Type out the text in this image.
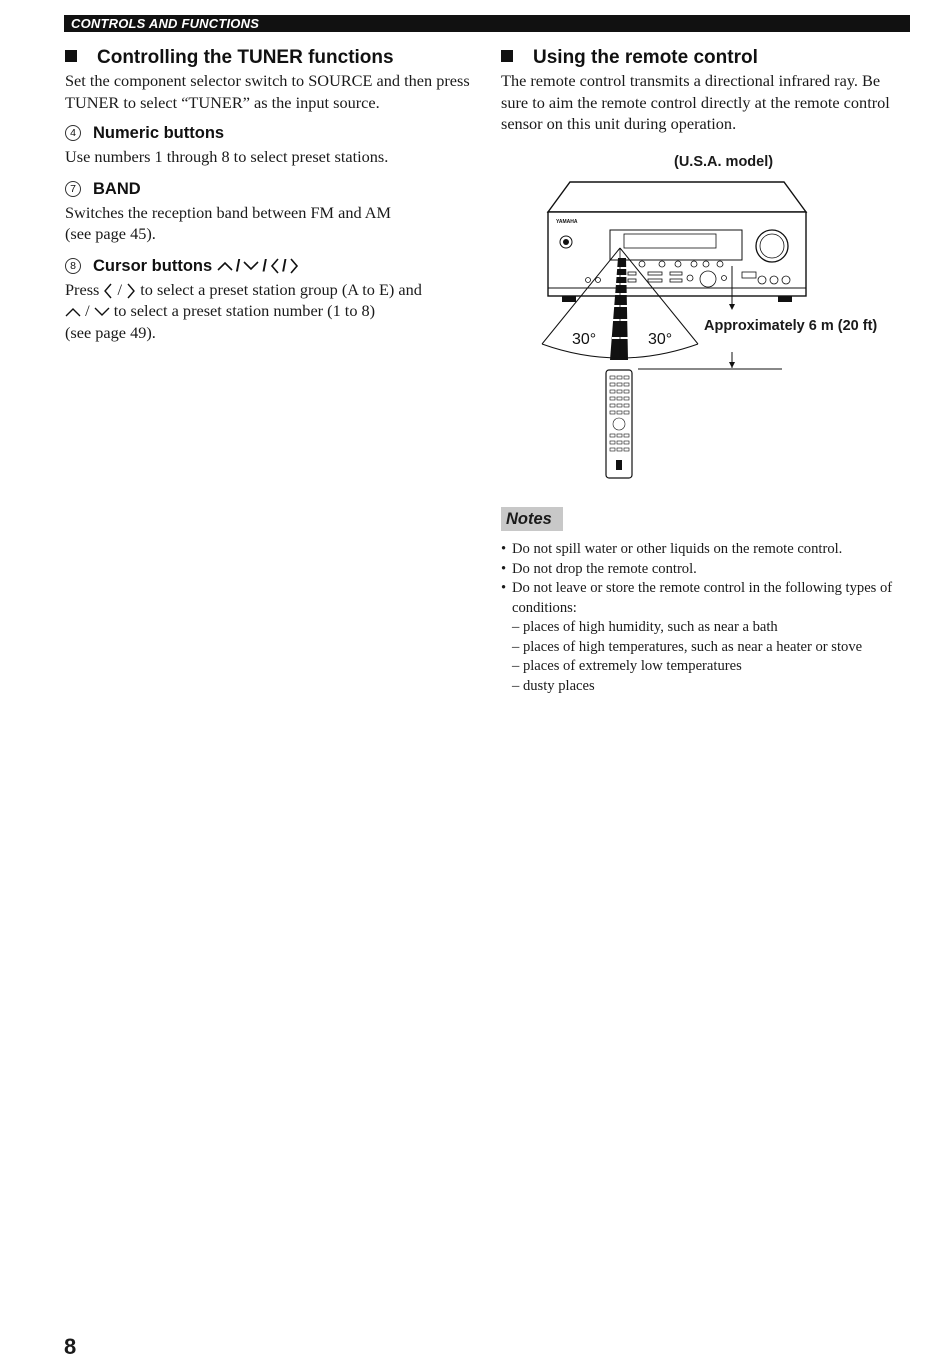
CONTROLS AND FUNCTIONS
Controlling the TUNER functions

Set the component selector switch to SOURCE and then press TUNER to select “TUNER” as the input source.

4	Numeric buttons

Use numbers 1 through 8 to select preset stations.

7	BAND

Switches the reception band between FM and AM
(see page 45).

8	Cursor buttons
/ / /

Press / to select a preset station group (A to E) and
/ to select a preset station number (1 to 8)
(see page 49).

Using the remote control

The remote control transmits a directional infrared ray. Be sure to aim the remote control directly at the remote control sensor on this unit during operation.

(U.S.A. model)
YAMAHA
30°	30°
Approximately 6 m (20 ft)
Notes
• Do not spill water or other liquids on the remote control.
• Do not drop the remote control.
• Do not leave or store the remote control in the following types of conditions:
– places of high humidity, such as near a bath
– places of high temperatures, such as near a heater or stove
– places of extremely low temperatures
– dusty places
8
